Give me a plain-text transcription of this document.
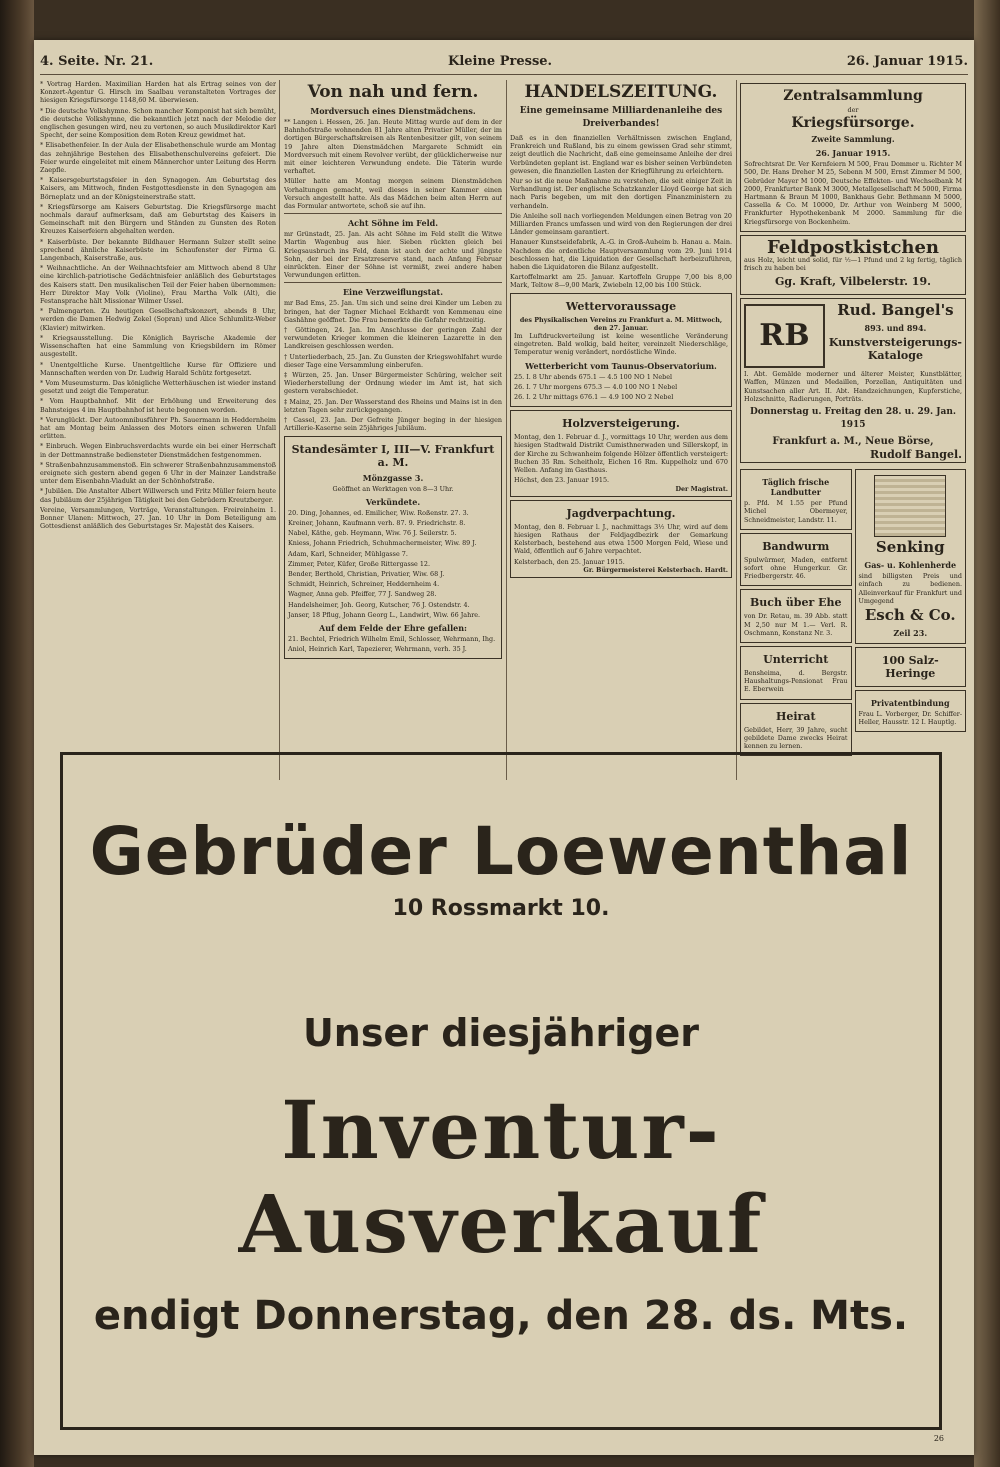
4. Seite. Nr. 21.	Kleine Presse.	26. Januar 1915.

* Vortrag Harden. Maximilian Harden hat als Ertrag seines von der Konzert-Agentur G. Hirsch im Saalbau veranstalteten Vortrages der hiesigen Kriegsfürsorge 1148,60 M. überwiesen.

* Die deutsche Volkshymne. Schon mancher Komponist hat sich bemüht, die deutsche Volkshymne, die bekanntlich jetzt nach der Melodie der englischen gesungen wird, neu zu vertonen, so auch Musikdirektor Karl Specht, der seine Komposition dem Roten Kreuz gewidmet hat.

* Elisabethenfeier. In der Aula der Elisabethenschule wurde am Montag das zehnjährige Bestehen des Elisabethenschulvereins gefeiert. Die Feier wurde eingeleitet mit einem Männerchor unter Leitung des Herrn Zaepfle.

* Kaisersgeburtstagsfeier in den Synagogen. Am Geburtstag des Kaisers, am Mittwoch, finden Festgottesdienste in den Synagogen am Börneplatz und an der Königsteinerstraße statt.

* Kriegsfürsorge am Kaisers Geburtstag. Die Kriegsfürsorge macht nochmals darauf aufmerksam, daß am Geburtstag des Kaisers in Gemeinschaft mit den Bürgern und Ständen zu Gunsten des Roten Kreuzes Kaiserfeiern abgehalten werden.

* Kaiserbüste. Der bekannte Bildhauer Hermann Sulzer stellt seine sprechend ähnliche Kaiserbüste im Schaufenster der Firma G. Langenbach, Kaiserstraße, aus.

* Weihnachtliche. An der Weihnachtsfeier am Mittwoch abend 8 Uhr eine kirchlich-patriotische Gedächtnisfeier anläßlich des Geburtstages des Kaisers statt. Den musikalischen Teil der Feier haben übernommen: Herr Direktor May Volk (Violine), Frau Martha Volk (Alt), die Festansprache hält Missionar Wilmer Ussel.

* Palmengarten. Zu heutigen Gesellschaftskonzert, abends 8 Uhr, werden die Damen Hedwig Zekel (Sopran) und Alice Schlumlitz-Weber (Klavier) mitwirken.

* Kriegsausstellung. Die Königlich Bayrische Akademie der Wissenschaften hat eine Sammlung von Kriegsbildern im Römer ausgestellt.

* Unentgeltliche Kurse. Unentgeltliche Kurse für Offiziere und Mannschaften werden von Dr. Ludwig Harald Schütz fortgesetzt.

* Vom Museumsturm. Das königliche Wetterhäuschen ist wieder instand gesetzt und zeigt die Temperatur.

* Vom Hauptbahnhof. Mit der Erhöhung und Erweiterung des Bahnsteiges 4 im Hauptbahnhof ist heute begonnen worden.

* Verunglückt. Der Autoomnibusführer Ph. Sauermann in Heddernheim hat am Montag beim Anlassen des Motors einen schweren Unfall erlitten.

* Einbruch. Wegen Einbruchsverdachts wurde ein bei einer Herrschaft in der Dettmannstraße bediensteter Dienstmädchen festgenommen.

* Straßenbahnzusammenstoß. Ein schwerer Straßenbahnzusammenstoß ereignete sich gestern abend gegen 6 Uhr in der Mainzer Landstraße unter dem Eisenbahn-Viadukt an der Schönhofstraße.

* Jubiläen. Die Anstalter Albert Willwersch und Fritz Müller feiern heute das Jubiläum der 25jährigen Tätigkeit bei den Gebrüdern Kreutzberger.

Vereine, Versammlungen, Vorträge, Veranstaltungen. Freireinheim 1. Bonner Ulanen: Mittwoch, 27. Jan. 10 Uhr in Dom Beteiligung am Gottesdienst anläßlich des Geburtstages Sr. Majestät des Kaisers.

Von nah und fern.
Mordversuch eines Dienstmädchens.

** Langen i. Hessen, 26. Jan. Heute Mittag wurde auf dem in der Bahnhofstraße wohnenden 81 Jahre alten Privatier Müller, der im dortigen Bürgerschaftskreisen als Rentenbesitzer gilt, von seinem 19 Jahre alten Dienstmädchen Margarete Schmidt ein Mordversuch mit einem Revolver verübt, der glücklicherweise nur mit einer leichteren Verwundung endete. Die Täterin wurde verhaftet.

Müller hatte am Montag morgen seinem Dienstmädchen Vorhaltungen gemacht, weil dieses in seiner Kammer einen Versuch angestellt hatte. Als das Mädchen beim alten Herrn auf das Formular antwortete, schoß sie auf ihn.

Acht Söhne im Feld.

mr Grünstadt, 25. Jan. Als acht Söhne im Feld stellt die Witwe Martin Wagenbug aus hier. Sieben rückten gleich bei Kriegsausbruch ins Feld, dann ist auch der achte und jüngste Sohn, der bei der Ersatzreserve stand, nach Anfang Februar einrückten. Einer der Söhne ist vermißt, zwei andere haben Verwundungen erlitten.

Eine Verzweiflungstat.

mr Bad Ems, 25. Jan. Um sich und seine drei Kinder um Leben zu bringen, hat der Tagner Michael Eckhardt von Kemmenau eine Gashähne geöffnet. Die Frau bemerkte die Gefahr rechtzeitig.

† Göttingen, 24. Jan. Im Anschlusse der geringen Zahl der verwundeten Krieger kommen die kleineren Lazarette in den Landkreisen geschlossen werden.

† Unterliederbach, 25. Jan. Zu Gunsten der Kriegswohlfahrt wurde dieser Tage eine Versammlung einberufen.

‡ Würzen, 25. Jan. Unser Bürgermeister Schüring, welcher seit Wiederherstellung der Ordnung wieder im Amt ist, hat sich gestern verabschiedet.

‡ Mainz, 25. Jan. Der Wasserstand des Rheins und Mains ist in den letzten Tagen sehr zurückgegangen.

† Cassel, 23. Jan. Der Gefreite Jünger beging in der hiesigen Artillerie-Kaserne sein 25jähriges Jubiläum.

Standesämter I, III—V. Frankfurt a. M.
Mönzgasse 3.
Geöffnet an Werktagen von 8—3 Uhr.
Verkündete.

20. Ding, Johannes, ed. Emilicher, Wiw. Roßenstr. 27. 3.

Kreiner, Johann, Kaufmann verh. 87. 9. Friedrichstr. 8.

Nabel, Käthe, geb. Heymann, Wiw. 76 J. Seilerstr. 5.

Kniess, Johann Friedrich, Schuhmachermeister, Wiw. 89 J.

Adam, Karl, Schneider, Mühlgasse 7.

Zimmer, Peter, Küfer, Große Rittergasse 12.

Bender, Berthold, Christian, Privatier, Wiw. 68 J.

Schmidt, Heinrich, Schreiner, Heddernheim 4.

Wagner, Anna geb. Pfeiffer, 77 J. Sandweg 28.

Handelsheimer, Joh. Georg, Kutscher, 76 J. Ostendstr. 4.

Janser, 18 Pflug, Johann Georg L., Landwirt, Wiw. 66 Jahre.

Auf dem Felde der Ehre gefallen:

21. Bechtel, Friedrich Wilhelm Emil, Schlosser, Wehrmann, Ihg.

Aniol, Heinrich Karl, Tapezierer, Wehrmann, verh. 35 J.

HANDELSZEITUNG.
Eine gemeinsame Milliardenanleihe des Dreiverbandes!

Daß es in den finanziellen Verhältnissen zwischen England, Frankreich und Rußland, bis zu einem gewissen Grad sehr stimmt, zeigt deutlich die Nachricht, daß eine gemeinsame Anleihe der drei Verbündeten geplant ist. England war es bisher seinen Verbündeten gewesen, die finanziellen Lasten der Kriegführung zu erleichtern.

Nur so ist die neue Maßnahme zu verstehen, die seit einiger Zeit in Verhandlung ist. Der englische Schatzkanzler Lloyd George hat sich nach Paris begeben, um mit den dortigen Finanzministern zu verhandeln.

Die Anleihe soll nach vorliegenden Meldungen einen Betrag von 20 Milliarden Francs umfassen und wird von den Regierungen der drei Länder gemeinsam garantiert.

Hanauer Kunstseidefabrik, A.-G. in Groß-Auheim b. Hanau a. Main. Nachdem die ordentliche Hauptversammlung vom 29. Juni 1914 beschlossen hat, die Liquidation der Gesellschaft herbeizuführen, haben die Liquidatoren die Bilanz aufgestellt.

Kartoffelmarkt am 25. Januar. Kartoffeln Gruppe 7,00 bis 8,00 Mark, Teltow 8—9,00 Mark, Zwiebeln 12,00 bis 100 Stück.

Wettervoraussage
des Physikalischen Vereins zu Frankfurt a. M. Mittwoch, den 27. Januar.

Im Luftdruckverteilung ist keine wesentliche Veränderung eingetreten. Bald wolkig, bald heiter, vereinzelt Niederschläge, Temperatur wenig verändert, nordöstliche Winde.

Wetterbericht vom Taunus-Observatorium.

25. I. 8 Uhr abends 675.1 — 4.5 100 NO 1 Nebel

26. I. 7 Uhr morgens 675.3 — 4.0 100 NO 1 Nebel

26. I. 2 Uhr mittags 676.1 — 4.9 100 NO 2 Nebel

Holzversteigerung.

Montag, den 1. Februar d. J., vormittags 10 Uhr, werden aus dem hiesigen Stadtwald Distrikt Cumisthnerwaden und Sillerskopf, in der Kirche zu Schwanheim folgende Hölzer öffentlich versteigert: Buchen 35 Rm. Scheitholz, Eichen 16 Rm. Kuppelholz und 670 Wellen. Anfang im Gasthaus.

Höchst, den 23. Januar 1915.
Der Magistrat.
Jagdverpachtung.

Montag, den 8. Februar l. J., nachmittags 3½ Uhr, wird auf dem hiesigen Rathaus der Feldjagdbezirk der Gemarkung Kelsterbach, bestehend aus etwa 1500 Morgen Feld, Wiese und Wald, öffentlich auf 6 Jahre verpachtet.

Kelsterbach, den 25. Januar 1915.
Gr. Bürgermeisterei Kelsterbach. Hardt.
Zentralsammlung
der
Kriegsfürsorge.
Zweite Sammlung.
26. Januar 1915.

Sofrechtsrat Dr. Ver Kernfeiern M 500, Frau Dommer u. Richter M 500, Dr. Hans Dreher M 25, Sebenn M 500, Ernst Zimmer M 500, Gebrüder Mayer M 1000, Deutsche Effekten- und Wechselbank M 2000, Frankfurter Bank M 3000, Metallgesellschaft M 5000, Firma Hartmann & Braun M 1000, Bankhaus Gebr. Bethmann M 5000, Cassella & Co. M 10000, Dr. Arthur von Weinberg M 5000, Frankfurter Hypothekenbank M 2000. Sammlung für die Kriegsfürsorge von Bockenheim.

Feldpostkistchen

aus Holz, leicht und solid, für ½—1 Pfund und 2 kg fertig, täglich frisch zu haben bei

Gg. Kraft, Vilbelerstr. 19.
RB
Rud. Bangel's
893. und 894.
Kunstversteigerungs-Kataloge

I. Abt. Gemälde moderner und älterer Meister, Kunstblätter, Waffen, Münzen und Medaillen, Porzellan, Antiquitäten und Kunstsachen aller Art. II. Abt. Handzeichnungen, Kupferstiche, Holzschnitte, Radierungen, Porträts.

Donnerstag u. Freitag den 28. u. 29. Jan. 1915
Frankfurt a. M., Neue Börse,
Rudolf Bangel.
Täglich frische Landbutter

p. Pfd. M 1.55 per Pfund Michel Obermeyer, Schneidmeister, Landstr. 11.

Bandwurm

Spulwürmer, Maden, entfernt sofort ohne Hungerkur. Gr. Friedbergerstr. 46.

Buch über Ehe

von Dr. Retau, m. 39 Abb. statt M 2,50 nur M 1.— Verl. R. Oschmann, Konstanz Nr. 3.

Unterricht

Bensheima, d. Bergstr. Haushaltungs-Pensionat Frau E. Eberwein

Heirat

Gebildet, Herr, 39 Jahre, sucht gebildete Dame zwecks Heirat kennen zu lernen.

Senking
Gas- u. Kohlenherde

sind billigsten Preis und einfach zu bedienen. Alleinverkauf für Frankfurt und Umgegend

Esch & Co.
Zeil 23.
100 Salz-Heringe
Privatentbindung

Frau L. Vorberger, Dr. Schiffer-Heller, Hausstr. 12 I. Hauptlg.

Gebrüder Loewenthal
10 Rossmarkt 10.
Unser diesjähriger
Inventur-Ausverkauf
endigt Donnerstag, den 28. ds. Mts.
26
